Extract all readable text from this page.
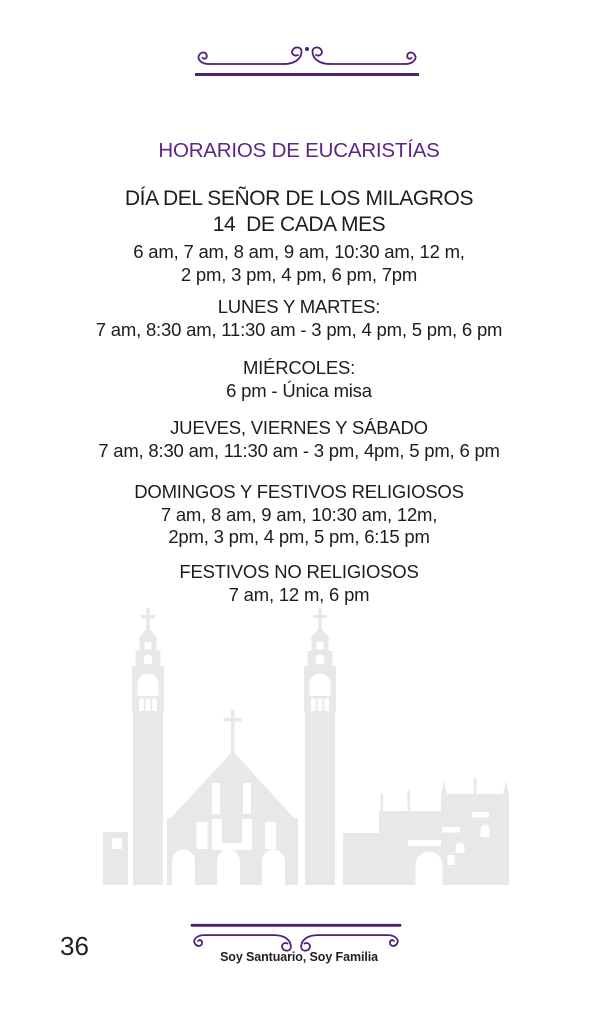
HORARIOS DE EUCARISTÍAS
DÍA DEL SEÑOR DE LOS MILAGROS
14  DE CADA MES
6 am, 7 am, 8 am, 9 am, 10:30 am, 12 m,
2 pm, 3 pm, 4 pm, 6 pm, 7pm
LUNES Y MARTES:
7 am, 8:30 am, 11:30 am - 3 pm, 4 pm, 5 pm, 6 pm
MIÉRCOLES:
6 pm - Única misa
JUEVES, VIERNES Y SÁBADO
7 am, 8:30 am, 11:30 am - 3 pm, 4pm, 5 pm, 6 pm
DOMINGOS Y FESTIVOS RELIGIOSOS
7 am, 8 am, 9 am, 10:30 am, 12m,
2pm, 3 pm, 4 pm, 5 pm, 6:15 pm
FESTIVOS NO RELIGIOSOS
7 am, 12 m, 6 pm
Soy Santuario, Soy Familia
36
